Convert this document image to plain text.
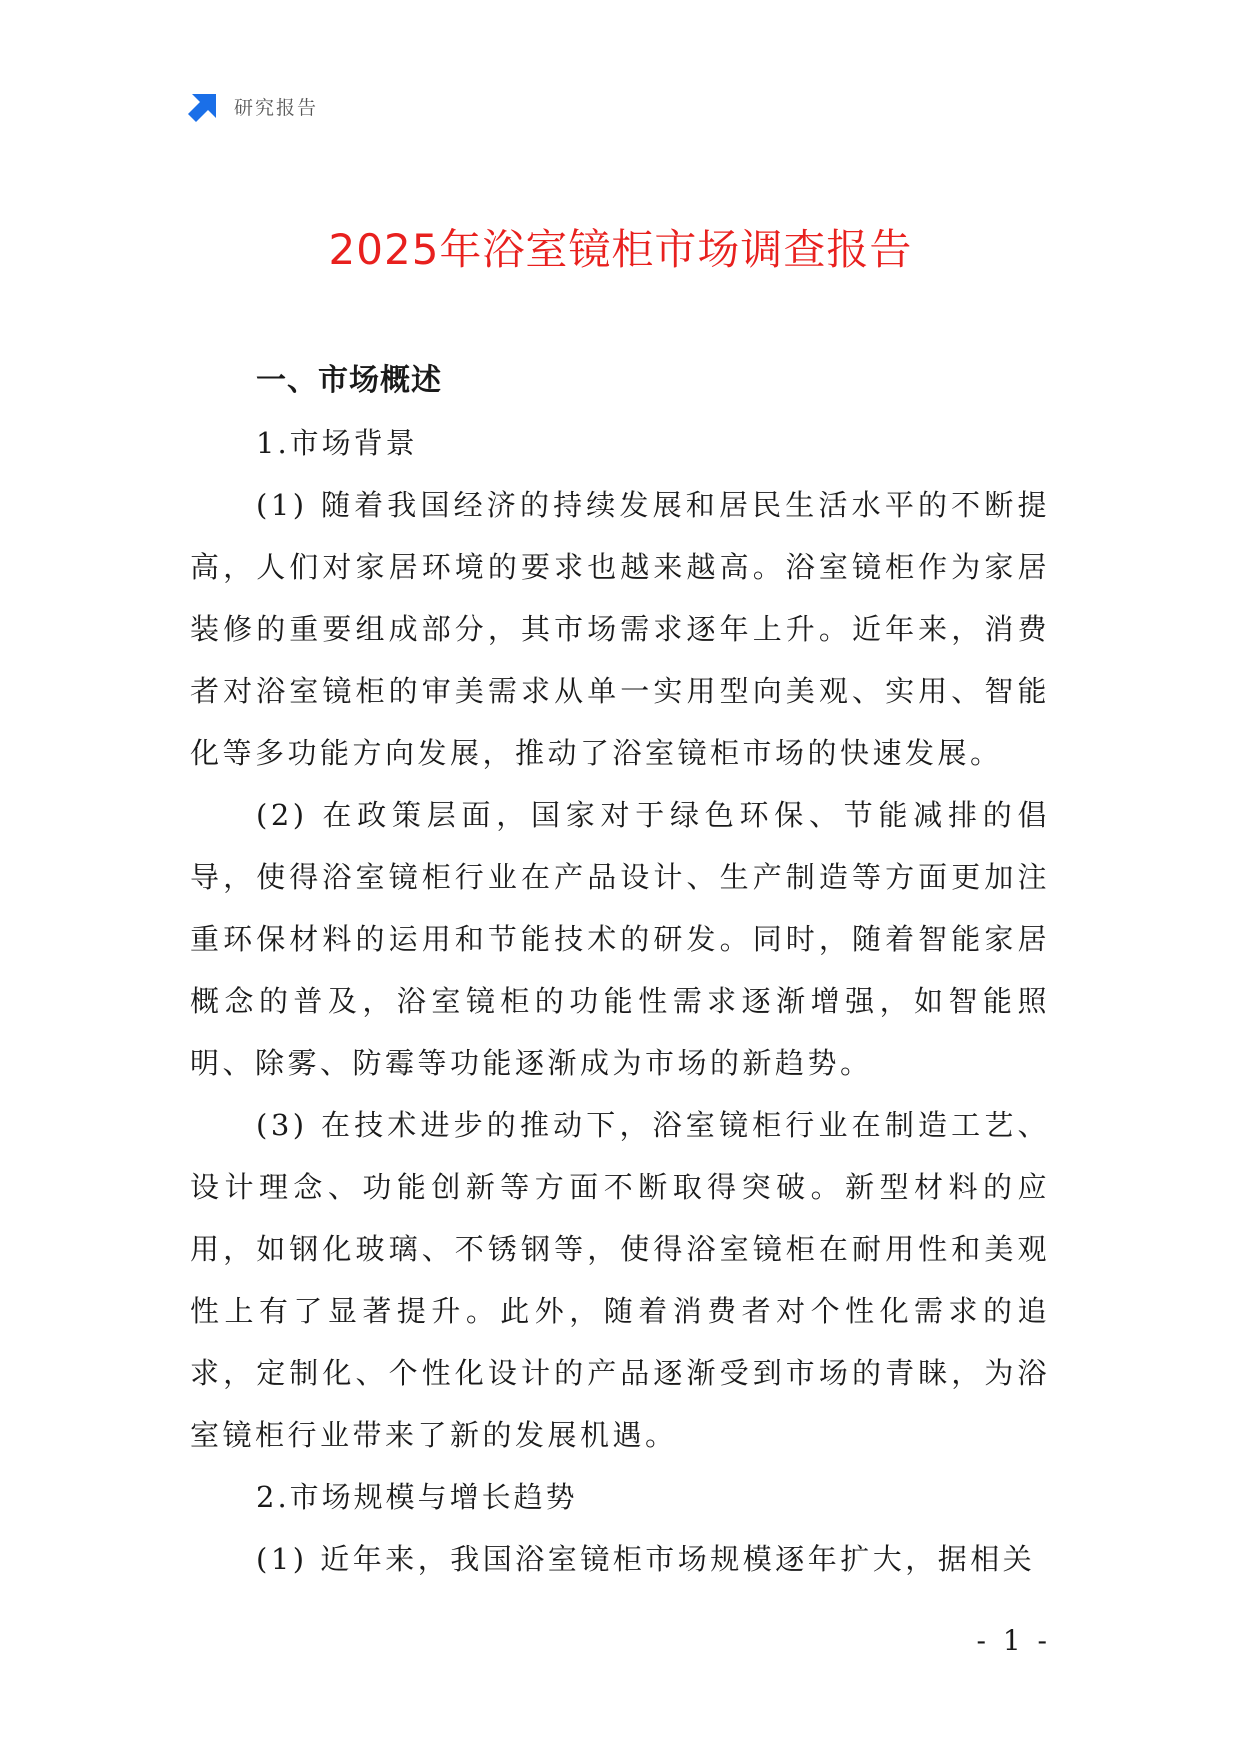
研究报告
2025年浴室镜柜市场调查报告
一、市场概述
1.市场背景

(1) 随着我国经济的持续发展和居民生活水平的不断提高，人们对家居环境的要求也越来越高。浴室镜柜作为家居装修的重要组成部分，其市场需求逐年上升。近年来，消费者对浴室镜柜的审美需求从单一实用型向美观、实用、智能化等多功能方向发展，推动了浴室镜柜市场的快速发展。

(2) 在政策层面，国家对于绿色环保、节能减排的倡导，使得浴室镜柜行业在产品设计、生产制造等方面更加注重环保材料的运用和节能技术的研发。同时，随着智能家居概念的普及，浴室镜柜的功能性需求逐渐增强，如智能照明、除雾、防霉等功能逐渐成为市场的新趋势。

(3) 在技术进步的推动下，浴室镜柜行业在制造工艺、设计理念、功能创新等方面不断取得突破。新型材料的应用，如钢化玻璃、不锈钢等，使得浴室镜柜在耐用性和美观性上有了显著提升。此外，随着消费者对个性化需求的追求，定制化、个性化设计的产品逐渐受到市场的青睐，为浴室镜柜行业带来了新的发展机遇。

2.市场规模与增长趋势

(1) 近年来，我国浴室镜柜市场规模逐年扩大，据相关

- 1 -
